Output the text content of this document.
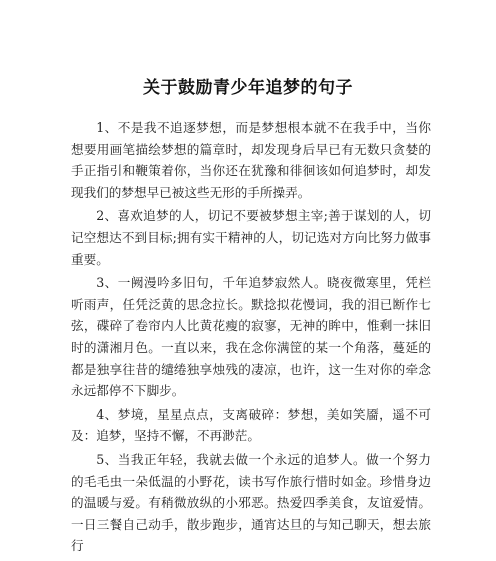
关于鼓励青少年追梦的句子

1、不是我不追逐梦想，而是梦想根本就不在我手中，当你想要用画笔描绘梦想的篇章时，却发现身后早已有无数只贪婪的手正指引和鞭策着你，当你还在犹豫和徘徊该如何追梦时，却发现我们的梦想早已被这些无形的手所操弄。

2、喜欢追梦的人，切记不要被梦想主宰;善于谋划的人，切记空想达不到目标;拥有实干精神的人，切记选对方向比努力做事重要。

3、一阙漫吟多旧句，千年追梦寂然人。晓夜微寒里，凭栏听雨声，任凭泛黄的思念拉长。默捻拟花慢词，我的泪已断作七弦，碟碎了卷帘内人比黄花瘦的寂寥，无神的眸中，惟剩一抹旧时的潇湘月色。一直以来，我在念你满筐的某一个角落，蔓延的都是独享往昔的缱绻独享烛残的凄凉，也许，这一生对你的牵念永远都停不下脚步。

4、梦境，星星点点，支离破碎：梦想，美如笑靥，遥不可及：追梦，坚持不懈，不再渺茫。

5、当我正年轻，我就去做一个永远的追梦人。做一个努力的毛毛虫一朵低温的小野花，读书写作旅行惜时如金。珍惜身边的温暖与爱。有稍微放纵的小邪恶。热爱四季美食，友谊爱情。一日三餐自己动手，散步跑步，通宵达旦的与知己聊天，想去旅行
